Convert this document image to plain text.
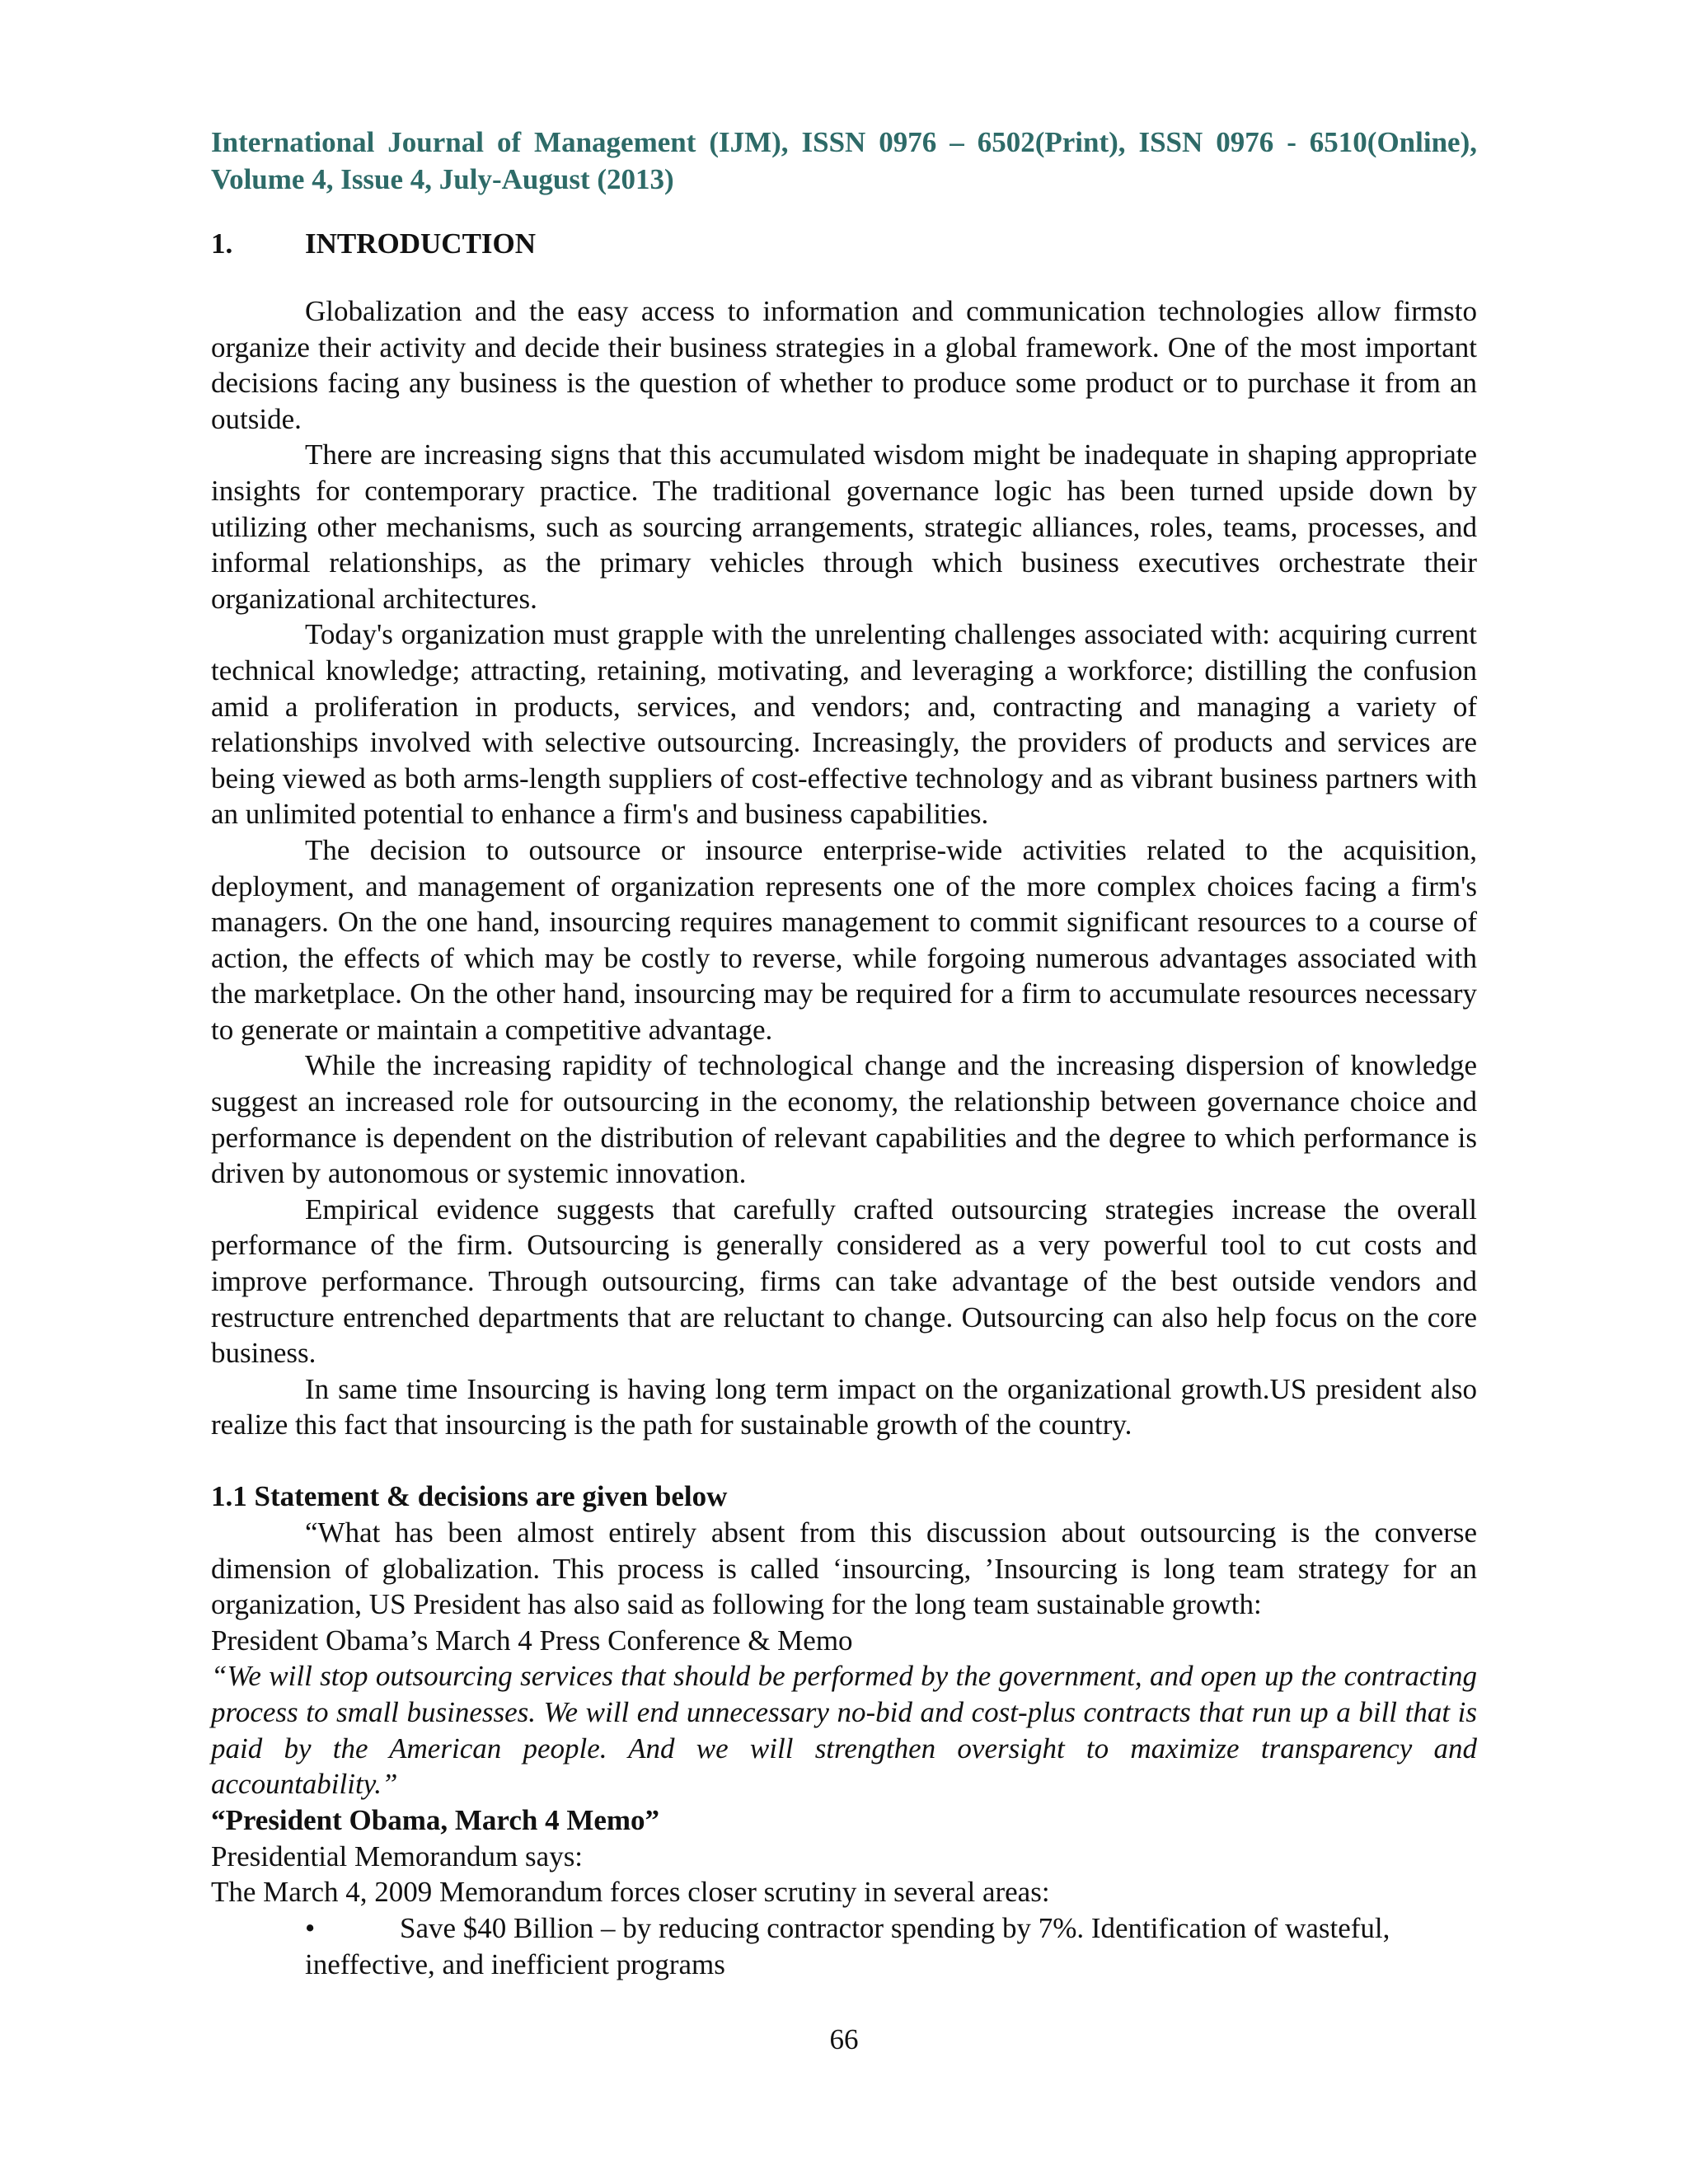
International Journal of Management (IJM), ISSN 0976 – 6502(Print), ISSN 0976 - 6510(Online), Volume 4, Issue 4, July-August (2013)
1.	INTRODUCTION

Globalization and the easy access to information and communication technologies allow firmsto organize their activity and decide their business strategies in a global framework. One of the most important decisions facing any business is the question of whether to produce some product or to purchase it from an outside.

There are increasing signs that this accumulated wisdom might be inadequate in shaping appropriate insights for contemporary practice. The traditional governance logic has been turned upside down by utilizing other mechanisms, such as sourcing arrangements, strategic alliances, roles, teams, processes, and informal relationships, as the primary vehicles through which business executives orchestrate their organizational architectures.

Today's organization must grapple with the unrelenting challenges associated with: acquiring current technical knowledge; attracting, retaining, motivating, and leveraging a workforce; distilling the confusion amid a proliferation in products, services, and vendors; and, contracting and managing a variety of relationships involved with selective outsourcing. Increasingly, the providers of products and services are being viewed as both arms-length suppliers of cost-effective technology and as vibrant business partners with an unlimited potential to enhance a firm's and business capabilities.

The decision to outsource or insource enterprise-wide activities related to the acquisition, deployment, and management of organization represents one of the more complex choices facing a firm's managers. On the one hand, insourcing requires management to commit significant resources to a course of action, the effects of which may be costly to reverse, while forgoing numerous advantages associated with the marketplace. On the other hand, insourcing may be required for a firm to accumulate resources necessary to generate or maintain a competitive advantage.

While the increasing rapidity of technological change and the increasing dispersion of knowledge suggest an increased role for outsourcing in the economy, the relationship between governance choice and performance is dependent on the distribution of relevant capabilities and the degree to which performance is driven by autonomous or systemic innovation.

Empirical evidence suggests that carefully crafted outsourcing strategies increase the overall performance of the firm. Outsourcing is generally considered as a very powerful tool to cut costs and improve performance. Through outsourcing, firms can take advantage of the best outside vendors and restructure entrenched departments that are reluctant to change. Outsourcing can also help focus on the core business.

In same time Insourcing is having long term impact on the organizational growth.US president also realize this fact that insourcing is the path for sustainable growth of the country.

1.1 Statement & decisions are given below

“What has been almost entirely absent from this discussion about outsourcing is the converse dimension of globalization. This process is called ‘insourcing, ’Insourcing is long team strategy for an organization, US President has also said as following for the long team sustainable growth:

President Obama’s March 4 Press Conference & Memo

“We will stop outsourcing services that should be performed by the government, and open up the contracting process to small businesses. We will end unnecessary no-bid and cost-plus contracts that run up a bill that is paid by the American people. And we will strengthen oversight to maximize transparency and accountability.”

“President Obama, March 4 Memo”
Presidential Memorandum says:
The March 4, 2009 Memorandum forces closer scrutiny in several areas:
•	Save $40 Billion – by reducing contractor spending by 7%. Identification of wasteful,
ineffective, and inefficient programs
66
